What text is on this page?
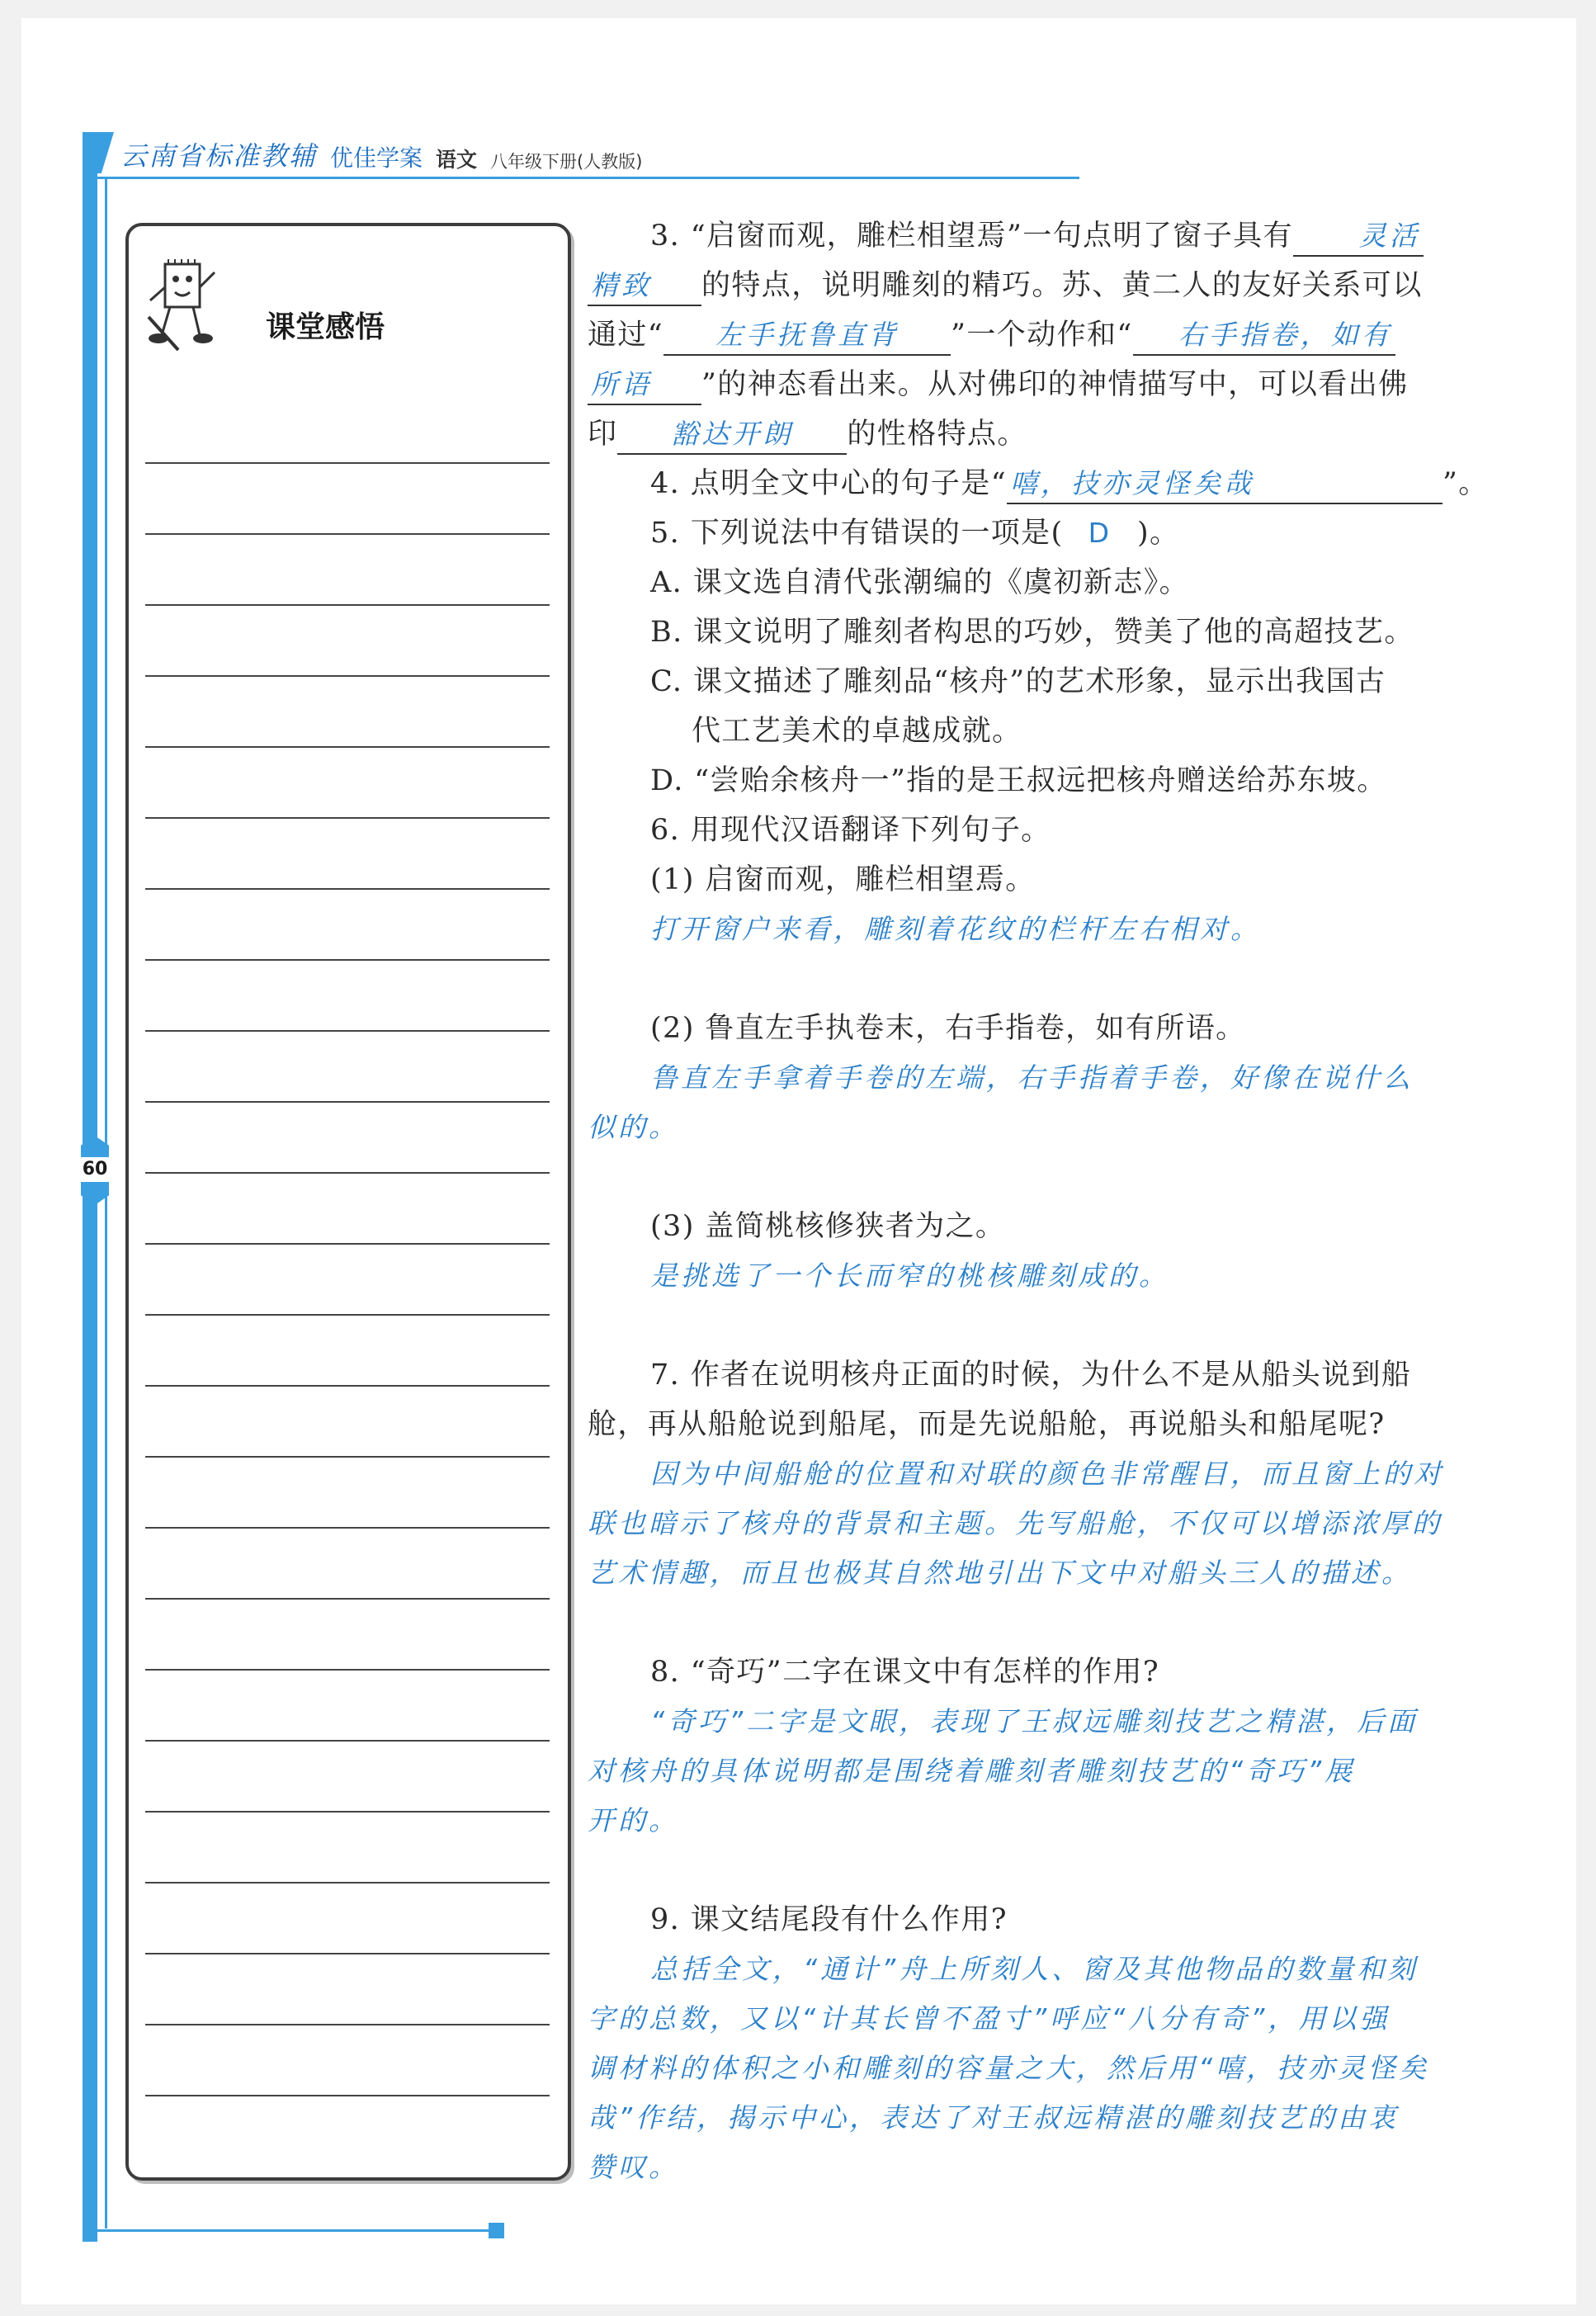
云南省标准教辅 优佳学案 语文 八年级下册(人教版)
60
课堂感悟
3. “启窗而观，雕栏相望焉”一句点明了窗子具有 灵活
精致 的特点，说明雕刻的精巧。苏、黄二人的友好关系可以
通过“ 左手抚鲁直背 ”一个动作和“ 右手指卷，如有
所语 ”的神态看出来。从对佛印的神情描写中，可以看出佛
印 豁达开朗 的性格特点。
4. 点明全文中心的句子是“ 嘻，技亦灵怪矣哉	”。
5. 下列说法中有错误的一项是( D )。
A. 课文选自清代张潮编的《虞初新志》。
B. 课文说明了雕刻者构思的巧妙，赞美了他的高超技艺。
C. 课文描述了雕刻品“核舟”的艺术形象，显示出我国古
代工艺美术的卓越成就。
D. “尝贻余核舟一”指的是王叔远把核舟赠送给苏东坡。
6. 用现代汉语翻译下列句子。
(1) 启窗而观，雕栏相望焉。
打开窗户来看，雕刻着花纹的栏杆左右相对。
(2) 鲁直左手执卷末，右手指卷，如有所语。
鲁直左手拿着手卷的左端，右手指着手卷，好像在说什么
似的。
(3) 盖简桃核修狭者为之。
是挑选了一个长而窄的桃核雕刻成的。
7. 作者在说明核舟正面的时候，为什么不是从船头说到船
舱，再从船舱说到船尾，而是先说船舱，再说船头和船尾呢?
因为中间船舱的位置和对联的颜色非常醒目，而且窗上的对
联也暗示了核舟的背景和主题。先写船舱，不仅可以增添浓厚的
艺术情趣，而且也极其自然地引出下文中对船头三人的描述。
8. “奇巧”二字在课文中有怎样的作用?
“奇巧”二字是文眼，表现了王叔远雕刻技艺之精湛，后面
对核舟的具体说明都是围绕着雕刻者雕刻技艺的“奇巧”展
开的。
9. 课文结尾段有什么作用?
总括全文，“通计”舟上所刻人、窗及其他物品的数量和刻
字的总数，又以“计其长曾不盈寸”呼应“八分有奇”，用以强
调材料的体积之小和雕刻的容量之大，然后用“嘻，技亦灵怪矣
哉”作结，揭示中心，表达了对王叔远精湛的雕刻技艺的由衷
赞叹。
